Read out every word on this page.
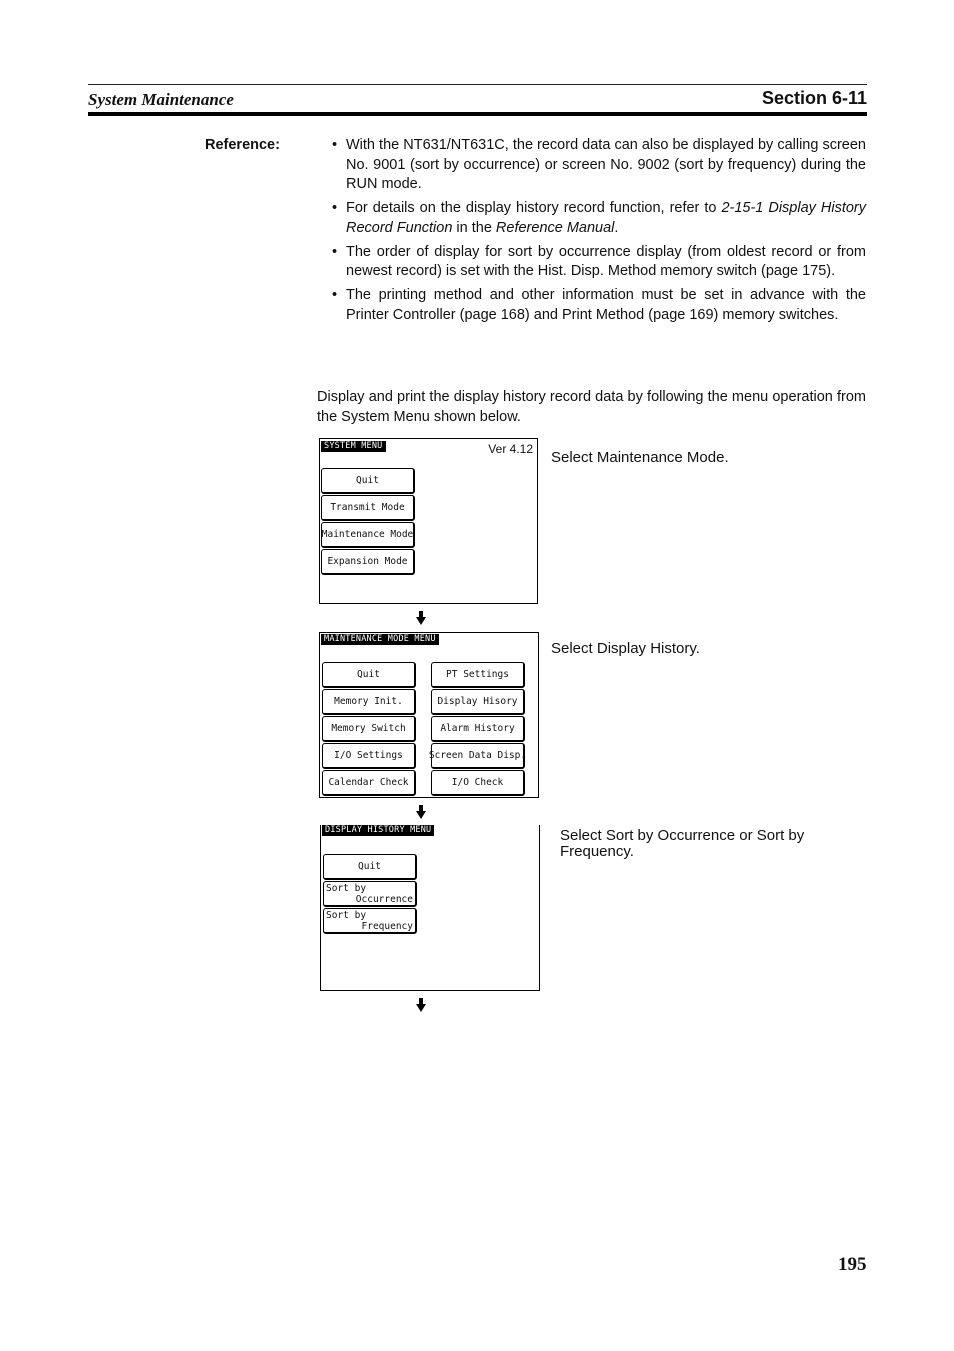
System Maintenance	Section 6-11
Reference:	• With the NT631/NT631C, the record data can also be displayed by calling screen No. 9001 (sort by occurrence) or screen No. 9002 (sort by frequency) during the RUN mode.
• For details on the display history record function, refer to 2-15-1 Display History Record Function in the Reference Manual.
• The order of display for sort by occurrence display (from oldest record or from newest record) is set with the Hist. Disp. Method memory switch (page 175).
• The printing method and other information must be set in advance with the Printer Controller (page 168) and Print Method (page 169) memory switches.
Display and print the display history record data by following the menu operation from the System Menu shown below.
SYSTEM MENU	Ver 4.12
Quit
Transmit Mode
Maintenance Mode
Expansion Mode
Select Maintenance Mode.
MAINTENANCE MODE MENU
Quit
Memory Init.
Memory Switch
I/O Settings
Calendar Check
PT Settings
Display Hisory
Alarm History
Screen Data Disp.
I/O Check
Select Display History.
DISPLAY HISTORY MENU
Quit
Sort by
Occurrence
Sort by
Frequency
Select Sort by Occurrence or Sort by Frequency.
195
